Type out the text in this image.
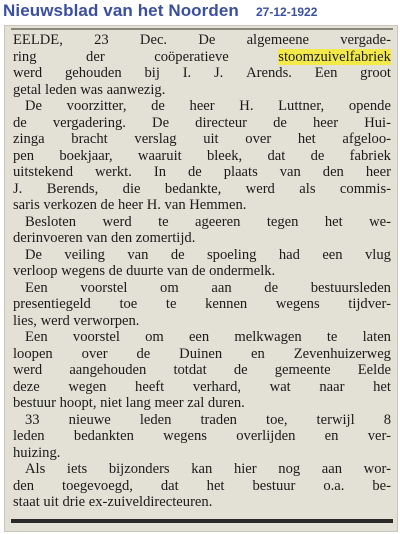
Nieuwsblad van het Noorden 27-12-1922
EELDE, 23 Dec. De algemeene vergade-
ring	der	coöperatieve	stoomzuivelfabriek
werd gehouden bij I. J. Arends. Een groot
getal leden was aanwezig.
De voorzitter, de heer H. Luttner, opende
de vergadering. De directeur de heer Hui-
zinga bracht verslag uit over het afgeloo-
pen boekjaar, waaruit bleek, dat de fabriek
uitstekend werkt. In de plaats van den heer
J. Berends, die bedankte, werd als commis-
saris verkozen de heer H. van Hemmen.
Besloten werd te ageeren tegen het we-
derinvoeren van den zomertijd.
De veiling van de spoeling had een vlug
verloop wegens de duurte van de ondermelk.
Een voorstel om aan de bestuursleden
presentiegeld toe te kennen wegens tijdver-
lies, werd verworpen.
Een voorstel om een melkwagen te laten
loopen over de Duinen en Zevenhuizerweg
werd aangehouden totdat de gemeente Eelde
deze wegen heeft verhard, wat naar het
bestuur hoopt, niet lang meer zal duren.
33 nieuwe leden traden toe, terwijl 8
leden bedankten wegens overlijden en ver-
huizing.
Als iets bijzonders kan hier nog aan wor-
den toegevoegd, dat het bestuur o.a. be-
staat uit drie ex-zuiveldirecteuren.
